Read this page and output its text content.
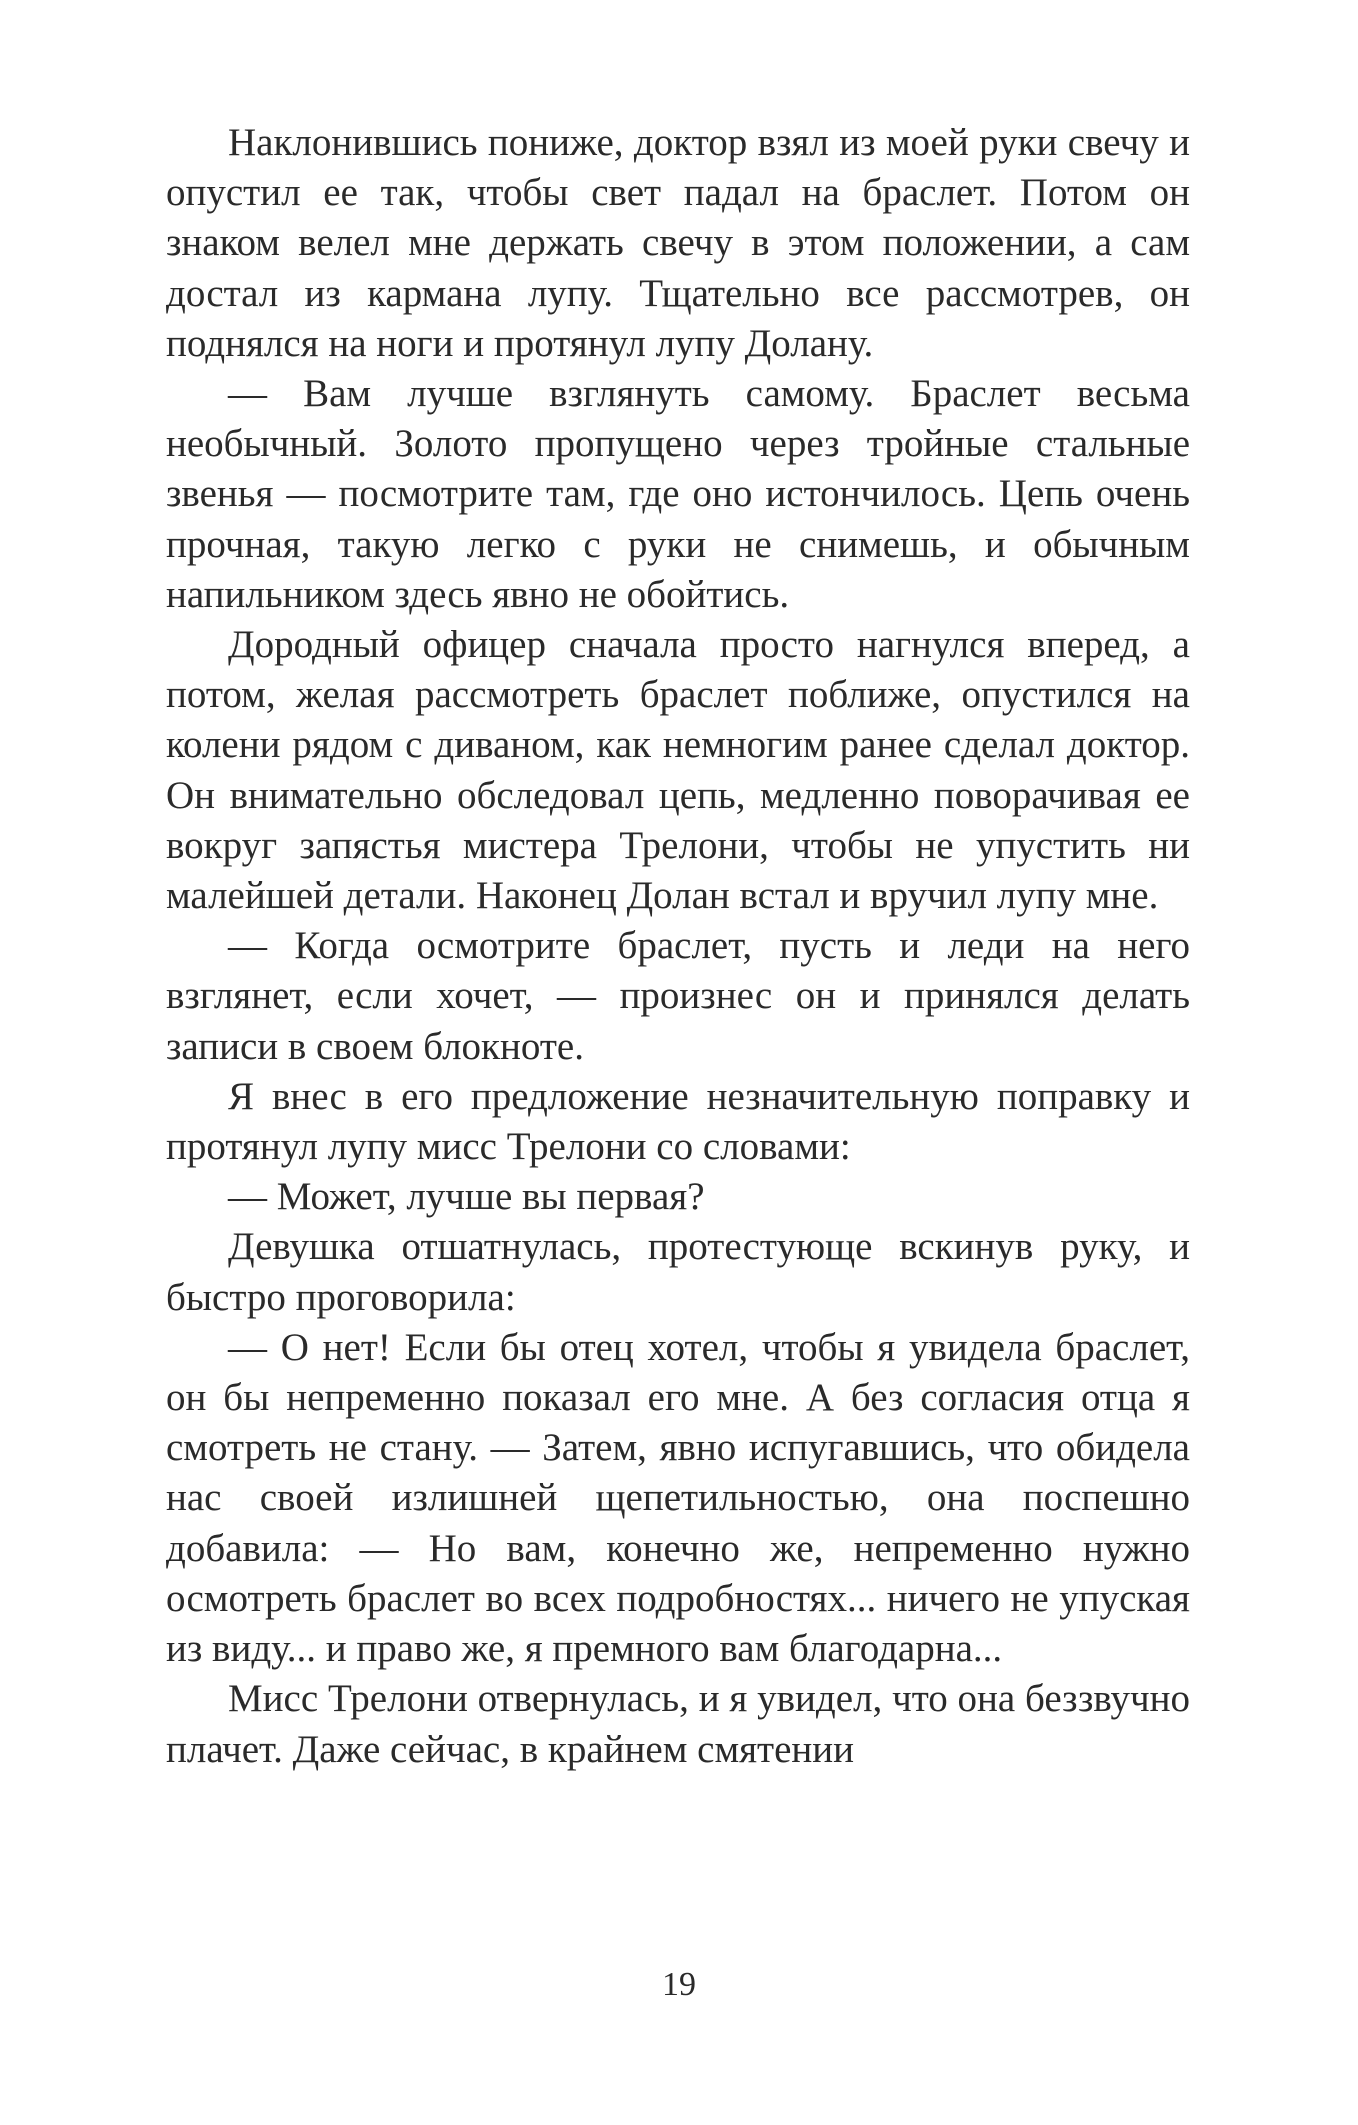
Наклонившись пониже, доктор взял из моей руки свечу и опустил ее так, чтобы свет падал на браслет. Потом он знаком велел мне держать свечу в этом положении, а сам достал из кармана лупу. Тщательно все рассмотрев, он поднялся на ноги и протянул лупу Долану.

— Вам лучше взглянуть самому. Браслет весьма необычный. Золото пропущено через тройные стальные звенья — посмотрите там, где оно истончилось. Цепь очень прочная, такую легко с руки не снимешь, и обычным напильником здесь явно не обойтись.

Дородный офицер сначала просто нагнулся вперед, а потом, желая рассмотреть браслет поближе, опустился на колени рядом с диваном, как немногим ранее сделал доктор. Он внимательно обследовал цепь, медленно поворачивая ее вокруг запястья мистера Трелони, чтобы не упустить ни малейшей детали. Наконец Долан встал и вручил лупу мне.

— Когда осмотрите браслет, пусть и леди на него взглянет, если хочет, — произнес он и принялся делать записи в своем блокноте.

Я внес в его предложение незначительную поправку и протянул лупу мисс Трелони со словами:

— Может, лучше вы первая?

Девушка отшатнулась, протестующе вскинув руку, и быстро проговорила:

— О нет! Если бы отец хотел, чтобы я увидела браслет, он бы непременно показал его мне. А без согласия отца я смотреть не стану. — Затем, явно испугавшись, что обидела нас своей излишней щепетильностью, она поспешно добавила: — Но вам, конечно же, непременно нужно осмотреть браслет во всех подробностях... ничего не упуская из виду... и право же, я премного вам благодарна...

Мисс Трелони отвернулась, и я увидел, что она беззвучно плачет. Даже сейчас, в крайнем смятении

19
